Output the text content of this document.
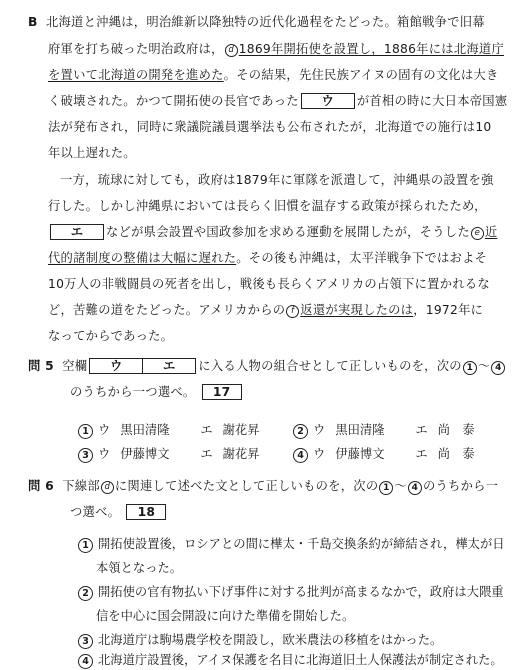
B 北海道と沖縄は，明治維新以降独特の近代化過程をたどった。箱館戦争で旧幕
府軍を打ち破った明治政府は， d 1869年開拓使を設置し，1886年には北海道庁
を置いて北海道の開発を進めた。その結果，先住民族アイヌの固有の文化は大き
く破壊された。かつて開拓使の長官であった ウ が首相の時に大日本帝国憲
法が発布され，同時に衆議院議員選挙法も公布されたが，北海道での施行は10
年以上遅れた。
一方，琉球に対しても，政府は1879年に軍隊を派遣して，沖縄県の設置を強
行した。しかし沖縄県においては長らく旧慣を温存する政策が採られたため，
エ などが県会設置や国政参加を求める運動を展開したが，そうした e 近
代的諸制度の整備は大幅に遅れた。その後も沖縄は，太平洋戦争下ではおよそ
10万人の非戦闘員の死者を出し，戦後も長らくアメリカの占領下に置かれるな
ど，苦難の道をたどった。アメリカからの f 返還が実現したのは，1972年に
なってからであった。
問 5 空欄 ウ	エ に入る人物の組合せとして正しいものを，次の 1 ～ 4
のうちから一つ選べ。 17
1 ウ 黒田清隆	エ 謝花昇	2 ウ 黒田清隆	エ 尚　泰
3 ウ 伊藤博文	エ 謝花昇	4 ウ 伊藤博文	エ 尚　泰
問 6 下線部 d に関連して述べた文として正しいものを，次の 1 ～ 4 のうちから一
つ選べ。 18
1 開拓使設置後，ロシアとの間に樺太・千島交換条約が締結され，樺太が日
本領となった。
2 開拓使の官有物払い下げ事件に対する批判が高まるなかで，政府は大隈重
信を中心に国会開設に向けた準備を開始した。
3 北海道庁は駒場農学校を開設し，欧米農法の移植をはかった。
4 北海道庁設置後，アイヌ保護を名目に北海道旧土人保護法が制定された。
